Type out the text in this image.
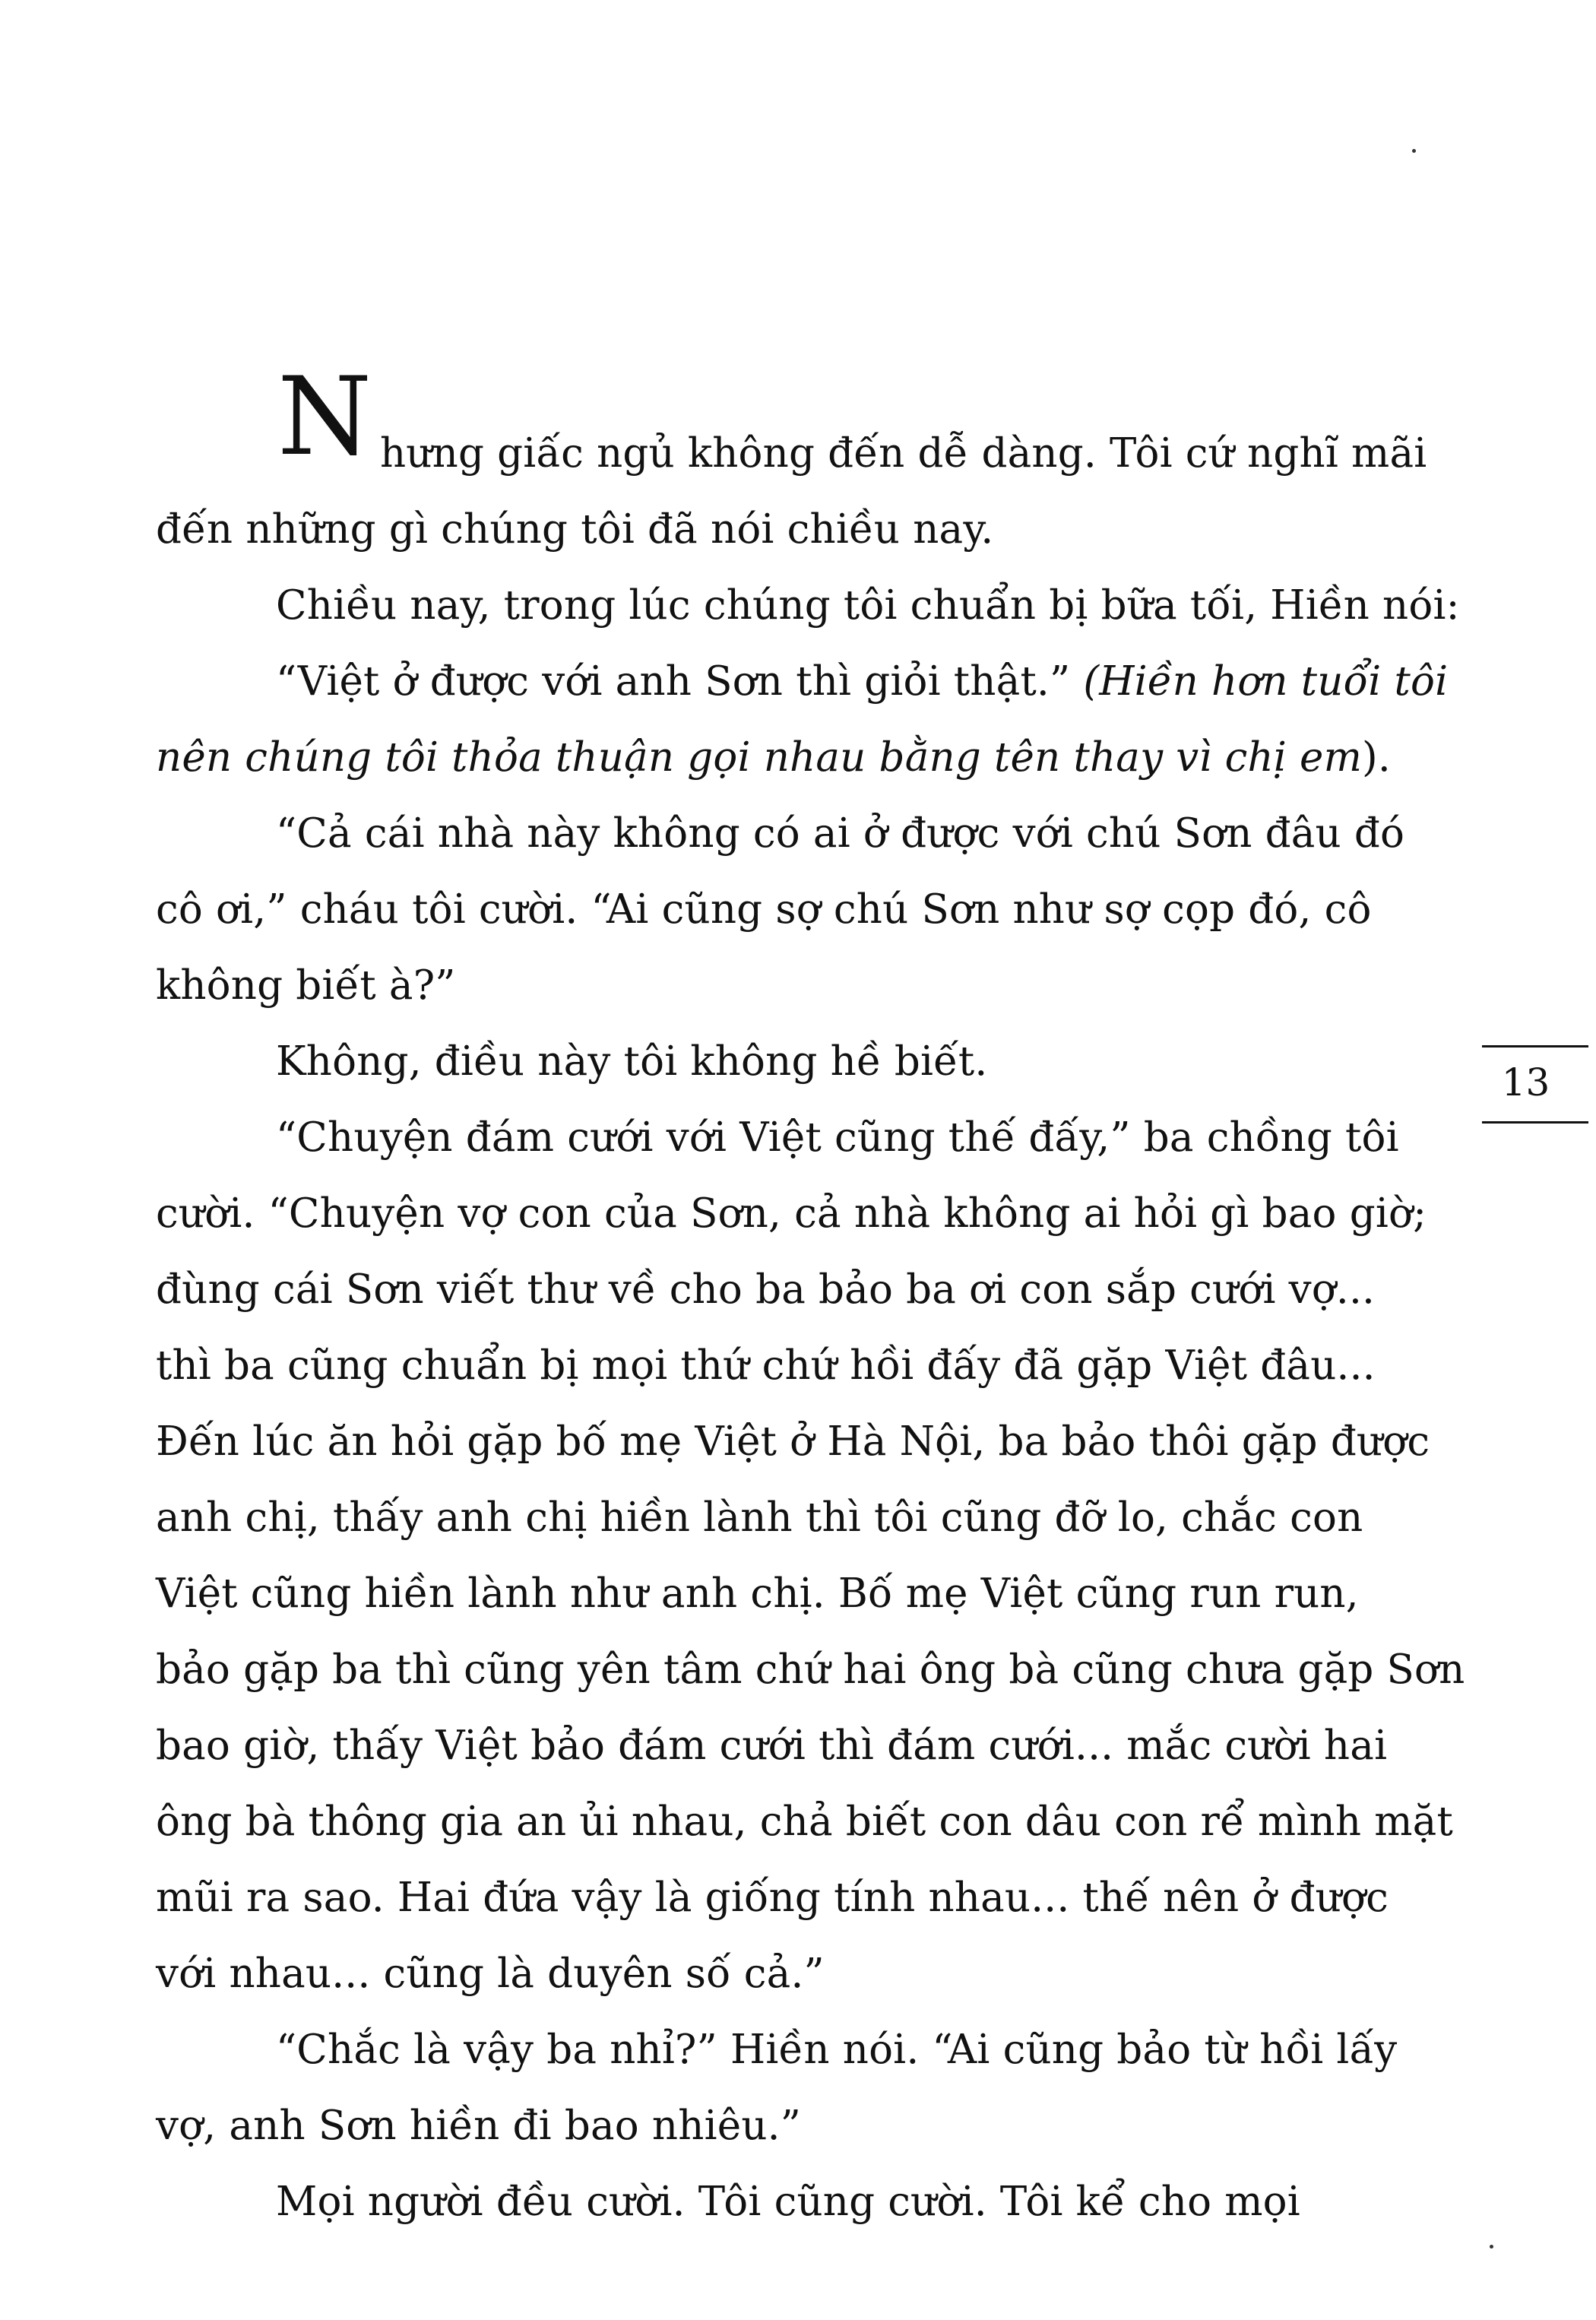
N hưng giấc ngủ không đến dễ dàng. Tôi cứ nghĩ mãi
đến những gì chúng tôi đã nói chiều nay.
Chiều nay, trong lúc chúng tôi chuẩn bị bữa tối, Hiền nói:
“Việt ở được với anh Sơn thì giỏi thật.” (Hiền hơn tuổi tôi
nên chúng tôi thỏa thuận gọi nhau bằng tên thay vì chị em).
“Cả cái nhà này không có ai ở được với chú Sơn đâu đó
cô ơi,” cháu tôi cười. “Ai cũng sợ chú Sơn như sợ cọp đó, cô
không biết à?”
Không, điều này tôi không hề biết.
“Chuyện đám cưới với Việt cũng thế đấy,” ba chồng tôi
cười. “Chuyện vợ con của Sơn, cả nhà không ai hỏi gì bao giờ;
đùng cái Sơn viết thư về cho ba bảo ba ơi con sắp cưới vợ...
thì ba cũng chuẩn bị mọi thứ chứ hồi đấy đã gặp Việt đâu...
Đến lúc ăn hỏi gặp bố mẹ Việt ở Hà Nội, ba bảo thôi gặp được
anh chị, thấy anh chị hiền lành thì tôi cũng đỡ lo, chắc con
Việt cũng hiền lành như anh chị. Bố mẹ Việt cũng run run,
bảo gặp ba thì cũng yên tâm chứ hai ông bà cũng chưa gặp Sơn
bao giờ, thấy Việt bảo đám cưới thì đám cưới... mắc cười hai
ông bà thông gia an ủi nhau, chả biết con dâu con rể mình mặt
mũi ra sao. Hai đứa vậy là giống tính nhau... thế nên ở được
với nhau... cũng là duyên số cả.”
“Chắc là vậy ba nhỉ?” Hiền nói. “Ai cũng bảo từ hồi lấy
vợ, anh Sơn hiền đi bao nhiêu.”
Mọi người đều cười. Tôi cũng cười. Tôi kể cho mọi
13
